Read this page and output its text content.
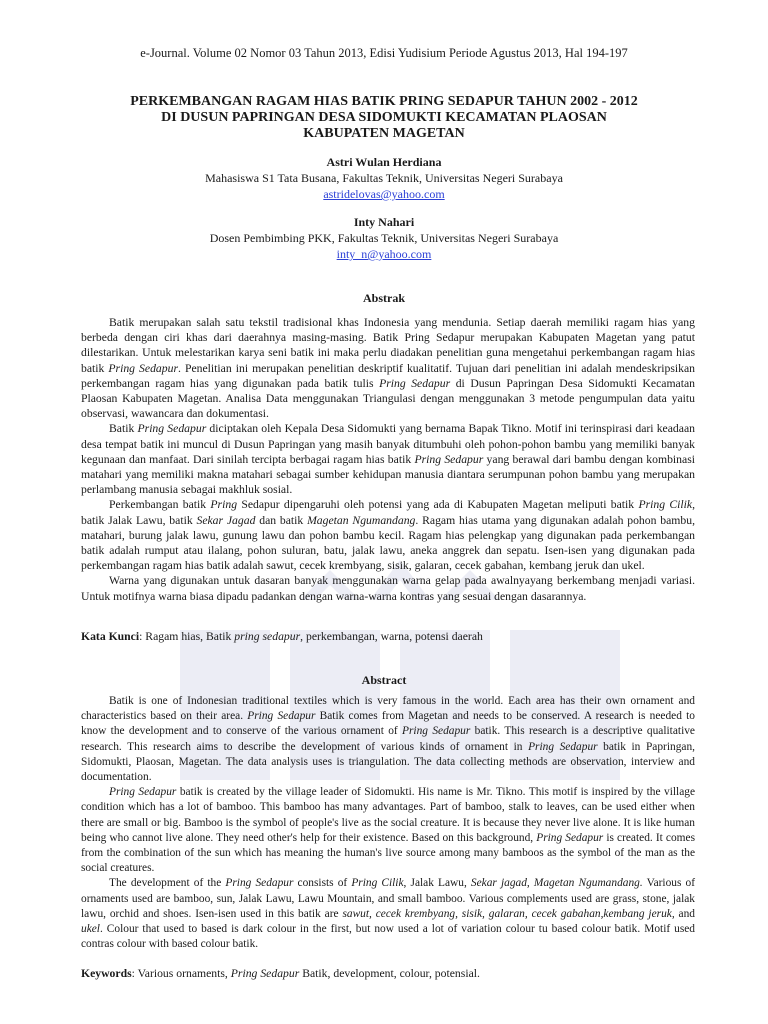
e-Journal. Volume 02 Nomor 03 Tahun 2013, Edisi Yudisium Periode Agustus 2013, Hal 194-197
PERKEMBANGAN RAGAM HIAS BATIK PRING SEDAPUR TAHUN 2002 - 2012
DI DUSUN PAPRINGAN DESA SIDOMUKTI KECAMATAN PLAOSAN
KABUPATEN MAGETAN
Astri Wulan Herdiana
Mahasiswa S1 Tata Busana, Fakultas Teknik, Universitas Negeri Surabaya
astridelovas@yahoo.com
Inty Nahari
Dosen Pembimbing PKK, Fakultas Teknik, Universitas Negeri Surabaya
inty_n@yahoo.com
Abstrak

Batik merupakan salah satu tekstil tradisional khas Indonesia yang mendunia. Setiap daerah memiliki ragam hias yang berbeda dengan ciri khas dari daerahnya masing-masing. Batik Pring Sedapur merupakan Kabupaten Magetan yang patut dilestarikan. Untuk melestarikan karya seni batik ini maka perlu diadakan penelitian guna mengetahui perkembangan ragam hias batik Pring Sedapur. Penelitian ini merupakan penelitian deskriptif kualitatif. Tujuan dari penelitian ini adalah mendeskripsikan perkembangan ragam hias yang digunakan pada batik tulis Pring Sedapur di Dusun Papringan Desa Sidomukti Kecamatan Plaosan Kabupaten Magetan. Analisa Data menggunakan Triangulasi dengan menggunakan 3 metode pengumpulan data yaitu observasi, wawancara dan dokumentasi.

Batik Pring Sedapur diciptakan oleh Kepala Desa Sidomukti yang bernama Bapak Tikno. Motif ini terinspirasi dari keadaan desa tempat batik ini muncul di Dusun Papringan yang masih banyak ditumbuhi oleh pohon-pohon bambu yang memiliki banyak kegunaan dan manfaat. Dari sinilah tercipta berbagai ragam hias batik Pring Sedapur yang berawal dari bambu dengan kombinasi matahari yang memiliki makna matahari sebagai sumber kehidupan manusia diantara serumpunan pohon bambu yang merupakan perlambang manusia sebagai makhluk sosial.

Perkembangan batik Pring Sedapur dipengaruhi oleh potensi yang ada di Kabupaten Magetan meliputi batik Pring Cilik, batik Jalak Lawu, batik Sekar Jagad dan batik Magetan Ngumandang. Ragam hias utama yang digunakan adalah pohon bambu, matahari, burung jalak lawu, gunung lawu dan pohon bambu kecil. Ragam hias pelengkap yang digunakan pada perkembangan batik adalah rumput atau ilalang, pohon suluran, batu, jalak lawu, aneka anggrek dan sepatu. Isen-isen yang digunakan pada perkembangan ragam hias batik adalah sawut, cecek krembyang, sisik, galaran, cecek gabahan, kembang jeruk dan ukel.

Warna yang digunakan untuk dasaran banyak menggunakan warna gelap pada awalnyayang berkembang menjadi variasi. Untuk motifnya warna biasa dipadu padankan dengan warna-warna kontras yang sesuai dengan dasarannya.

Kata Kunci: Ragam hias, Batik pring sedapur, perkembangan, warna, potensi daerah
Abstract

Batik is one of Indonesian traditional textiles which is very famous in the world. Each area has their own ornament and characteristics based on their area. Pring Sedapur Batik comes from Magetan and needs to be conserved. A research is needed to know the development and to conserve of the various ornament of Pring Sedapur batik. This research is a descriptive qualitative research. This research aims to describe the development of various kinds of ornament in Pring Sedapur batik in Papringan, Sidomukti, Plaosan, Magetan. The data analysis uses is triangulation. The data collecting methods are observation, interview and documentation.

Pring Sedapur batik is created by the village leader of Sidomukti. His name is Mr. Tikno. This motif is inspired by the village condition which has a lot of bamboo. This bamboo has many advantages. Part of bamboo, stalk to leaves, can be used either when there are small or big. Bamboo is the symbol of people's live as the social creature. It is because they never live alone. It is like human being who cannot live alone. They need other's help for their existence. Based on this background, Pring Sedapur is created. It comes from the combination of the sun which has meaning the human's live source among many bamboos as the symbol of the man as the social creatures.

The development of the Pring Sedapur consists of Pring Cilik, Jalak Lawu, Sekar jagad, Magetan Ngumandang. Various of ornaments used are bamboo, sun, Jalak Lawu, Lawu Mountain, and small bamboo. Various complements used are grass, stone, jalak lawu, orchid and shoes. Isen-isen used in this batik are sawut, cecek krembyang, sisik, galaran, cecek gabahan,kembang jeruk, and ukel. Colour that used to based is dark colour in the first, but now used a lot of variation colour tu based colour batik. Motif used contras colour with based colour batik.

Keywords: Various ornaments, Pring Sedapur Batik, development, colour, potensial.
